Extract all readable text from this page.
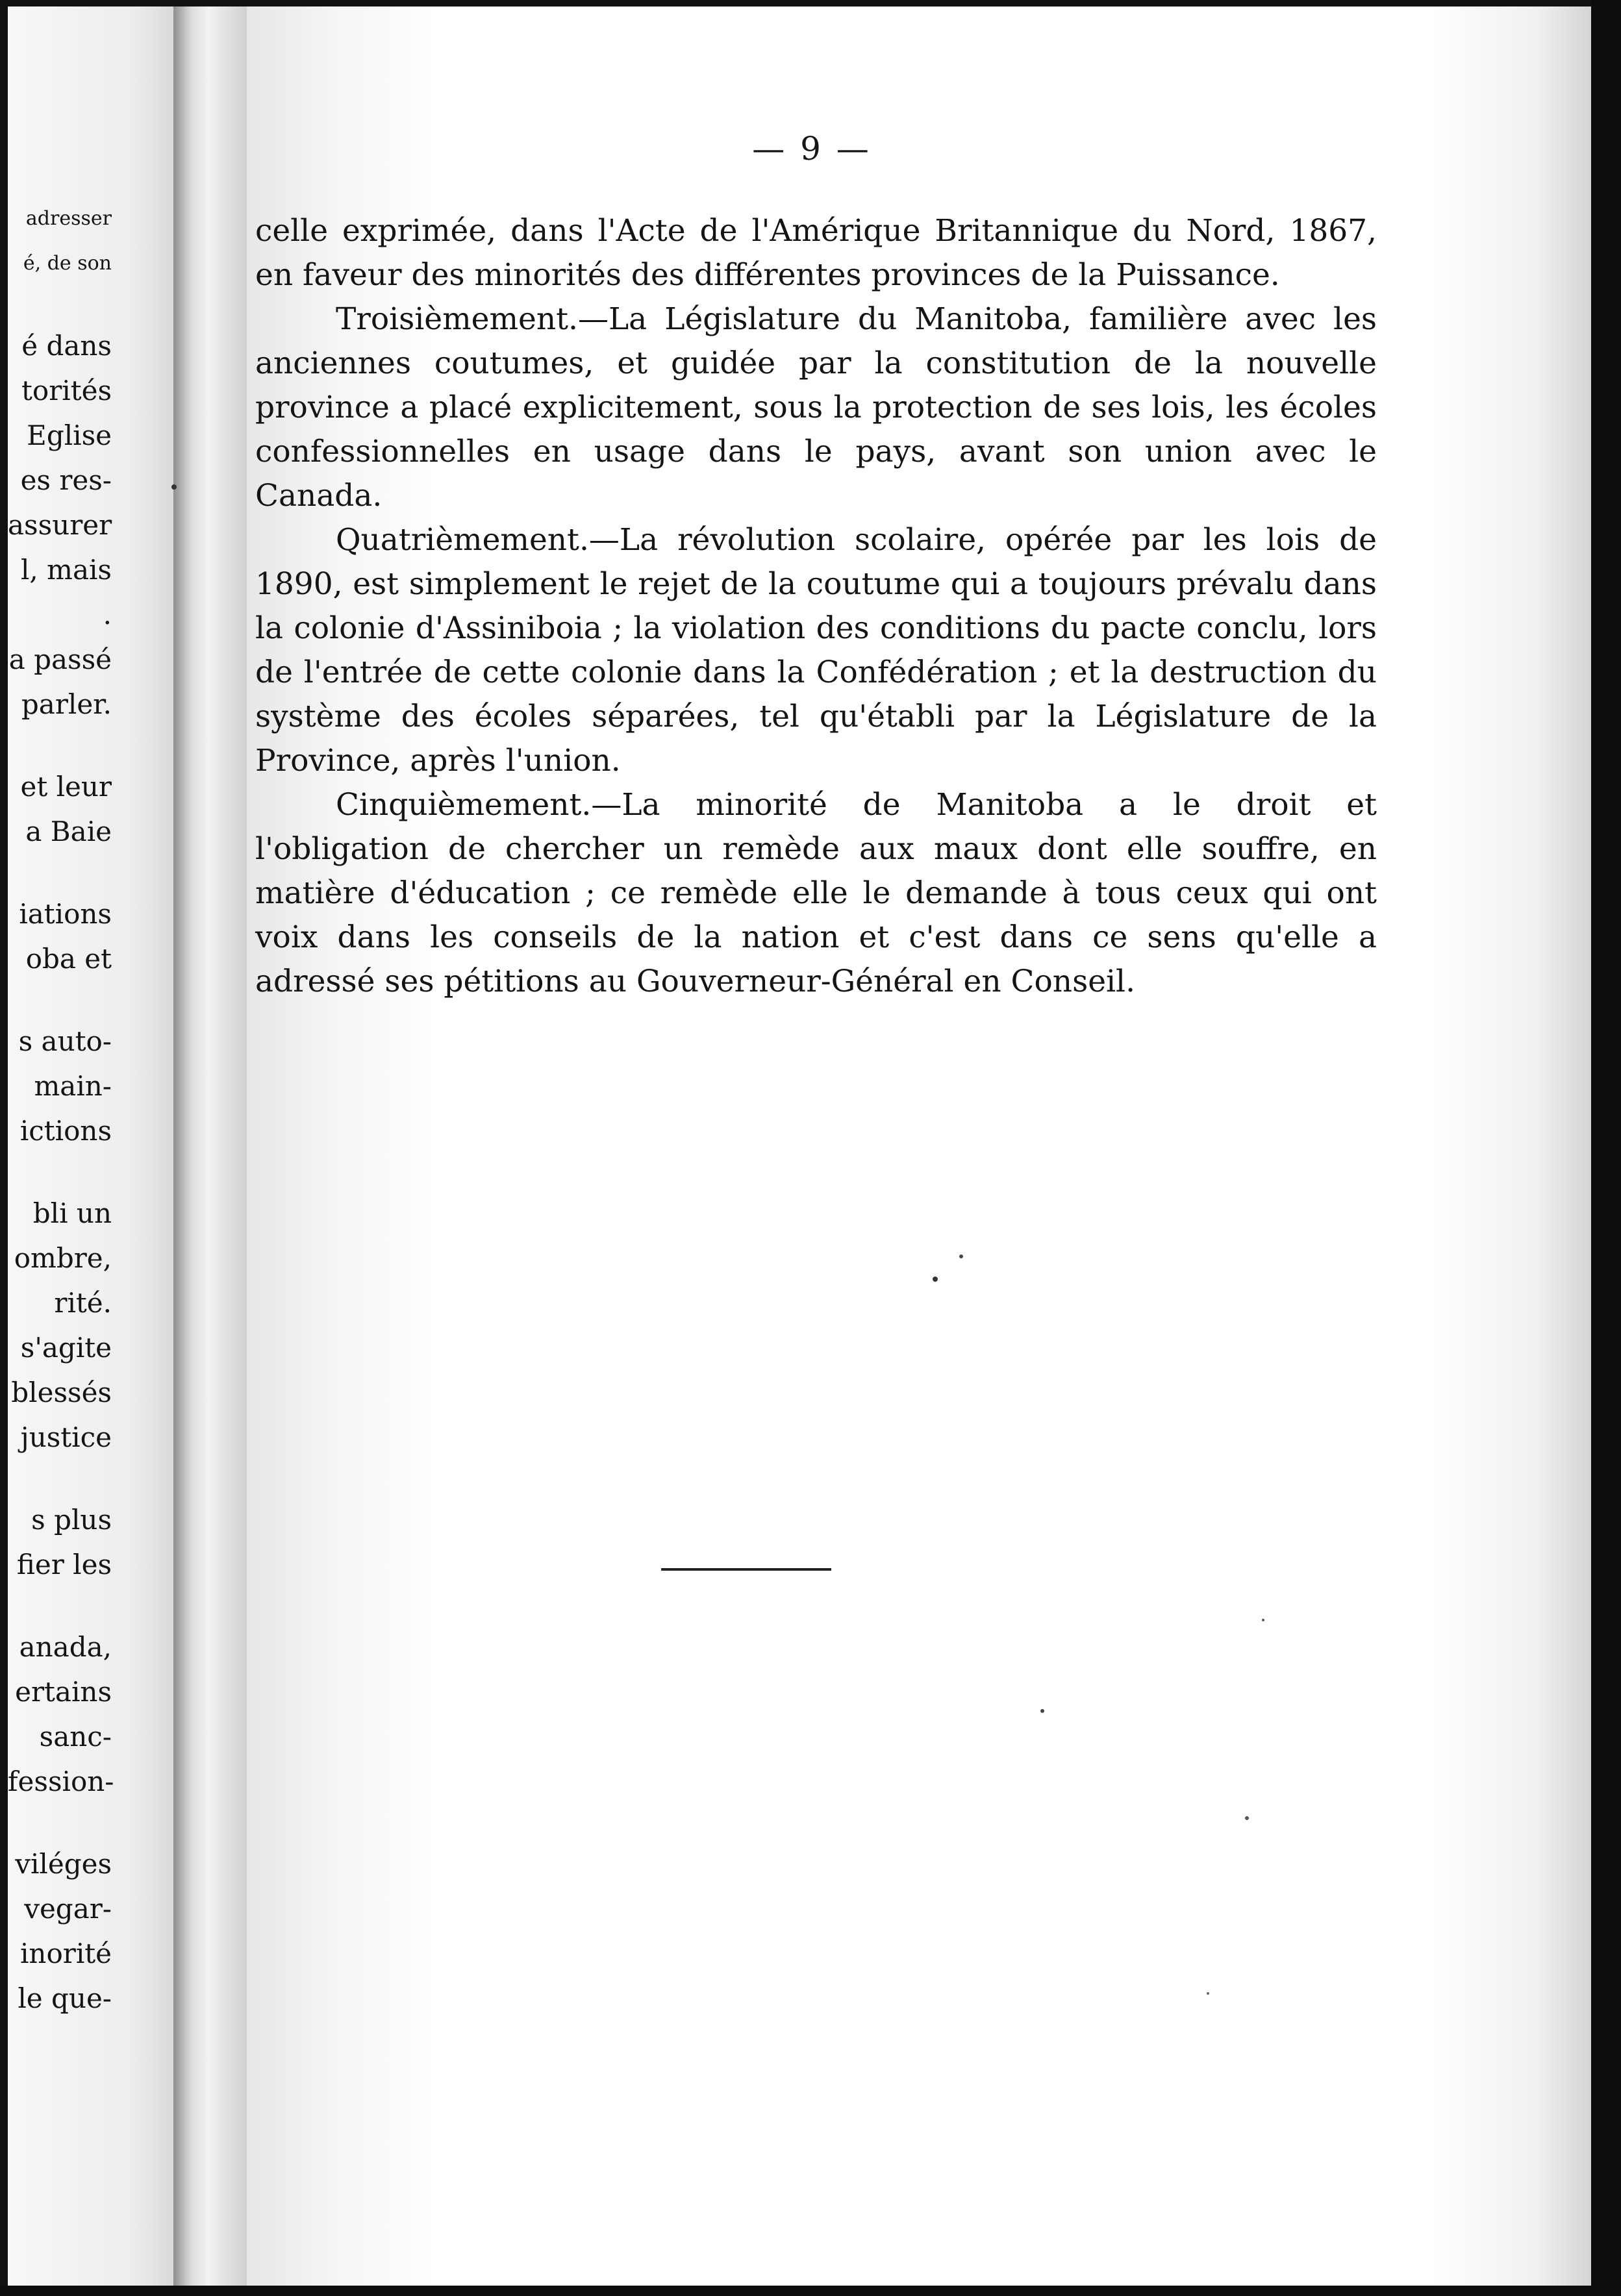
adresser
é, de son
é dans
torités
Eglise
es res-
assurer
l, mais
.
a passé
parler.
et leur
a Baie
iations
oba et
s auto-
main-
ictions
bli un
ombre,
rité.
s'agite
blessés
justice
s plus
fier les
anada,
ertains
sanc-
fession-
viléges
vegar-
inorité
le que-
— 9 —

celle exprimée, dans l'Acte de l'Amérique Britannique du Nord, 1867, en faveur des minorités des différentes provinces de la Puissance.

Troisièmement.—La Législature du Manitoba, familière avec les anciennes coutumes, et guidée par la constitution de la nouvelle province a placé explicitement, sous la protection de ses lois, les écoles confessionnelles en usage dans le pays, avant son union avec le Canada.

Quatrièmement.—La révolution scolaire, opérée par les lois de 1890, est simplement le rejet de la coutume qui a toujours prévalu dans la colonie d'Assiniboia ; la violation des conditions du pacte conclu, lors de l'entrée de cette colonie dans la Confédération ; et la destruction du système des écoles séparées, tel qu'établi par la Législature de la Province, après l'union.

Cinquièmement.—La minorité de Manitoba a le droit et l'obligation de chercher un remède aux maux dont elle souffre, en matière d'éducation ; ce remède elle le demande à tous ceux qui ont voix dans les conseils de la nation et c'est dans ce sens qu'elle a adressé ses pétitions au Gouverneur-Général en Conseil.
